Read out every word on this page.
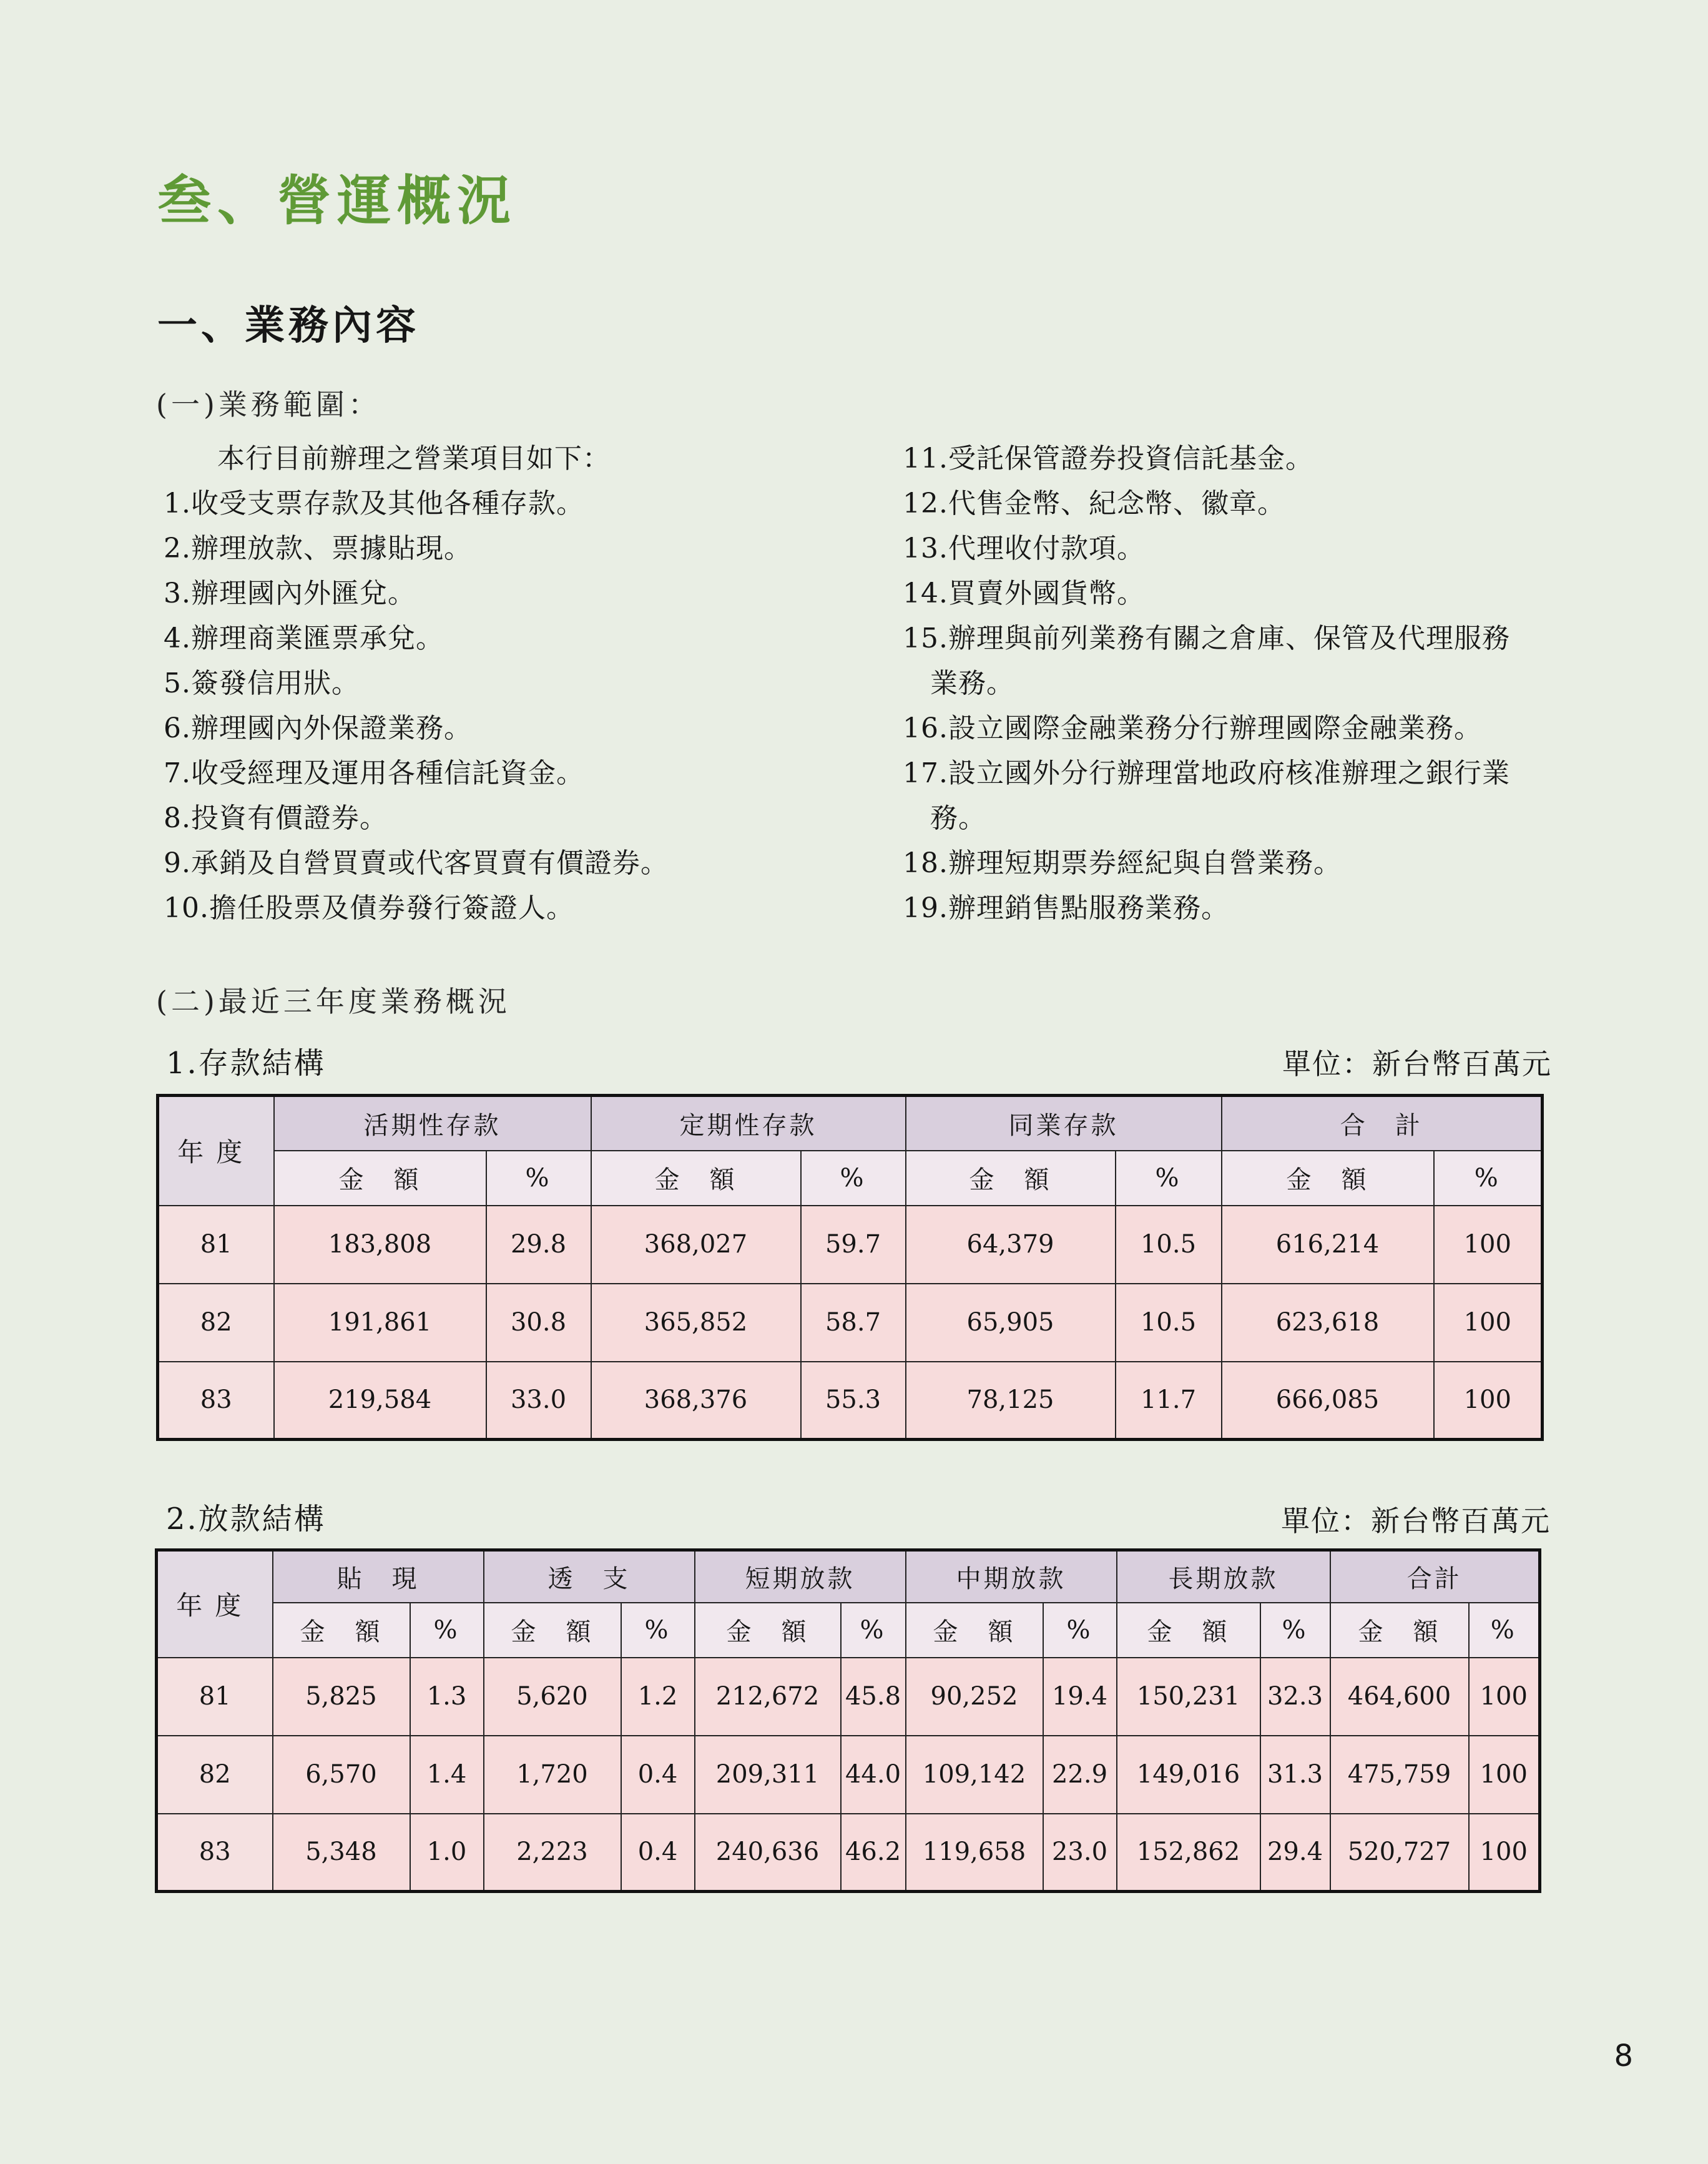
叁、營運概況
一、業務內容
(一)業務範圍：
本行目前辦理之營業項目如下：
1.收受支票存款及其他各種存款。
2.辦理放款、票據貼現。
3.辦理國內外匯兌。
4.辦理商業匯票承兌。
5.簽發信用狀。
6.辦理國內外保證業務。
7.收受經理及運用各種信託資金。
8.投資有價證券。
9.承銷及自營買賣或代客買賣有價證券。
10.擔任股票及債券發行簽證人。
11.受託保管證券投資信託基金。
12.代售金幣、紀念幣、徽章。
13.代理收付款項。
14.買賣外國貨幣。
15.辦理與前列業務有關之倉庫、保管及代理服務
業務。
16.設立國際金融業務分行辦理國際金融業務。
17.設立國外分行辦理當地政府核准辦理之銀行業
務。
18.辦理短期票券經紀與自營業務。
19.辦理銷售點服務業務。
(二)最近三年度業務概況
1.存款結構	單位：新台幣百萬元
年度	活期性存款		定期性存款		同業存款		合　計	
	金　額	%	金　額	%	金　額	%	金　額	%
81	183,808	29.8	368,027	59.7	64,379	10.5	616,214	100
82	191,861	30.8	365,852	58.7	65,905	10.5	623,618	100
83	219,584	33.0	368,376	55.3	78,125	11.7	666,085	100
2.放款結構	單位：新台幣百萬元
年度	貼　現		透　支		短期放款		中期放款		長期放款		合計	
	金　額	%	金　額	%	金　額	%	金　額	%	金　額	%	金　額	%
81	5,825	1.3	5,620	1.2	212,672	45.8	90,252	19.4	150,231	32.3	464,600	100
82	6,570	1.4	1,720	0.4	209,311	44.0	109,142	22.9	149,016	31.3	475,759	100
83	5,348	1.0	2,223	0.4	240,636	46.2	119,658	23.0	152,862	29.4	520,727	100
8
